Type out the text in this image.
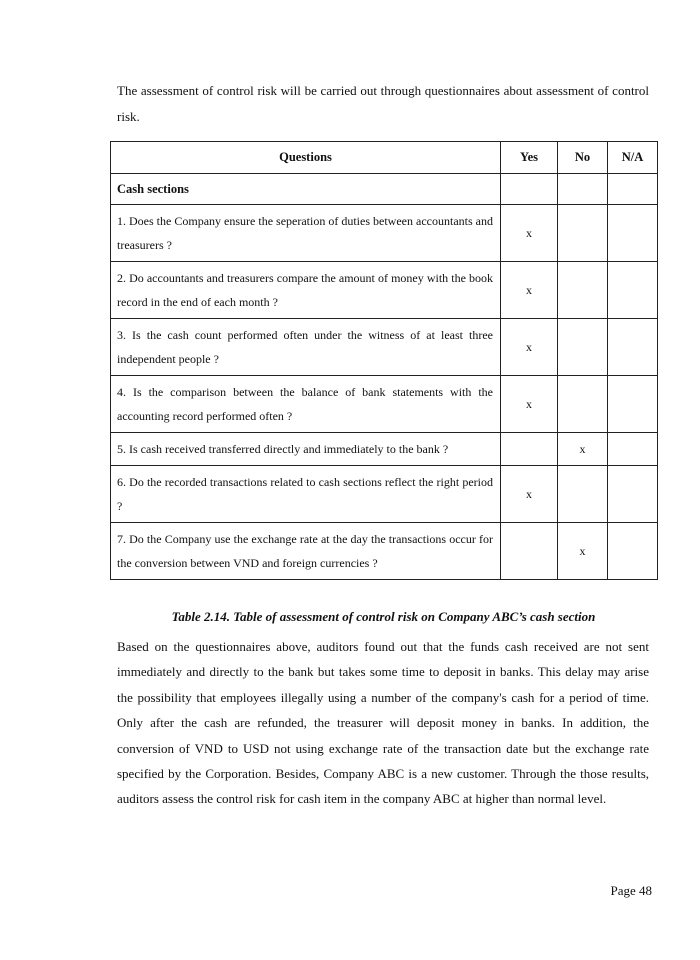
The assessment of control risk will be carried out through questionnaires about assessment of control risk.

Questions	Yes	No	N/A
Cash sections			
1. Does the Company ensure the seperation of duties between accountants and treasurers ?	x		
2. Do accountants and treasurers compare the amount of money with the book record in the end of each month ?	x		
3. Is the cash count performed often under the witness of at least three independent people ?	x		
4. Is the comparison between the balance of bank statements with the accounting record performed often ?	x		
5. Is cash received transferred directly and immediately to the bank ?		x	
6. Do the recorded transactions related to cash sections reflect the right period ?	x		
7. Do the Company use the exchange rate at the day the transactions occur for the conversion between VND and foreign currencies ?		x	
Table 2.14. Table of assessment of control risk on Company ABC’s cash section

Based on the questionnaires above, auditors found out that the funds cash received are not sent immediately and directly to the bank but takes some time to deposit in banks. This delay may arise the possibility that employees illegally using a number of the company's cash for a period of time. Only after the cash are refunded, the treasurer will deposit money in banks. In addition, the conversion of VND to USD not using exchange rate of the transaction date but the exchange rate specified by the Corporation. Besides, Company ABC is a new customer. Through the those results, auditors assess the control risk for cash item in the company ABC at higher than normal level.

Page 48
